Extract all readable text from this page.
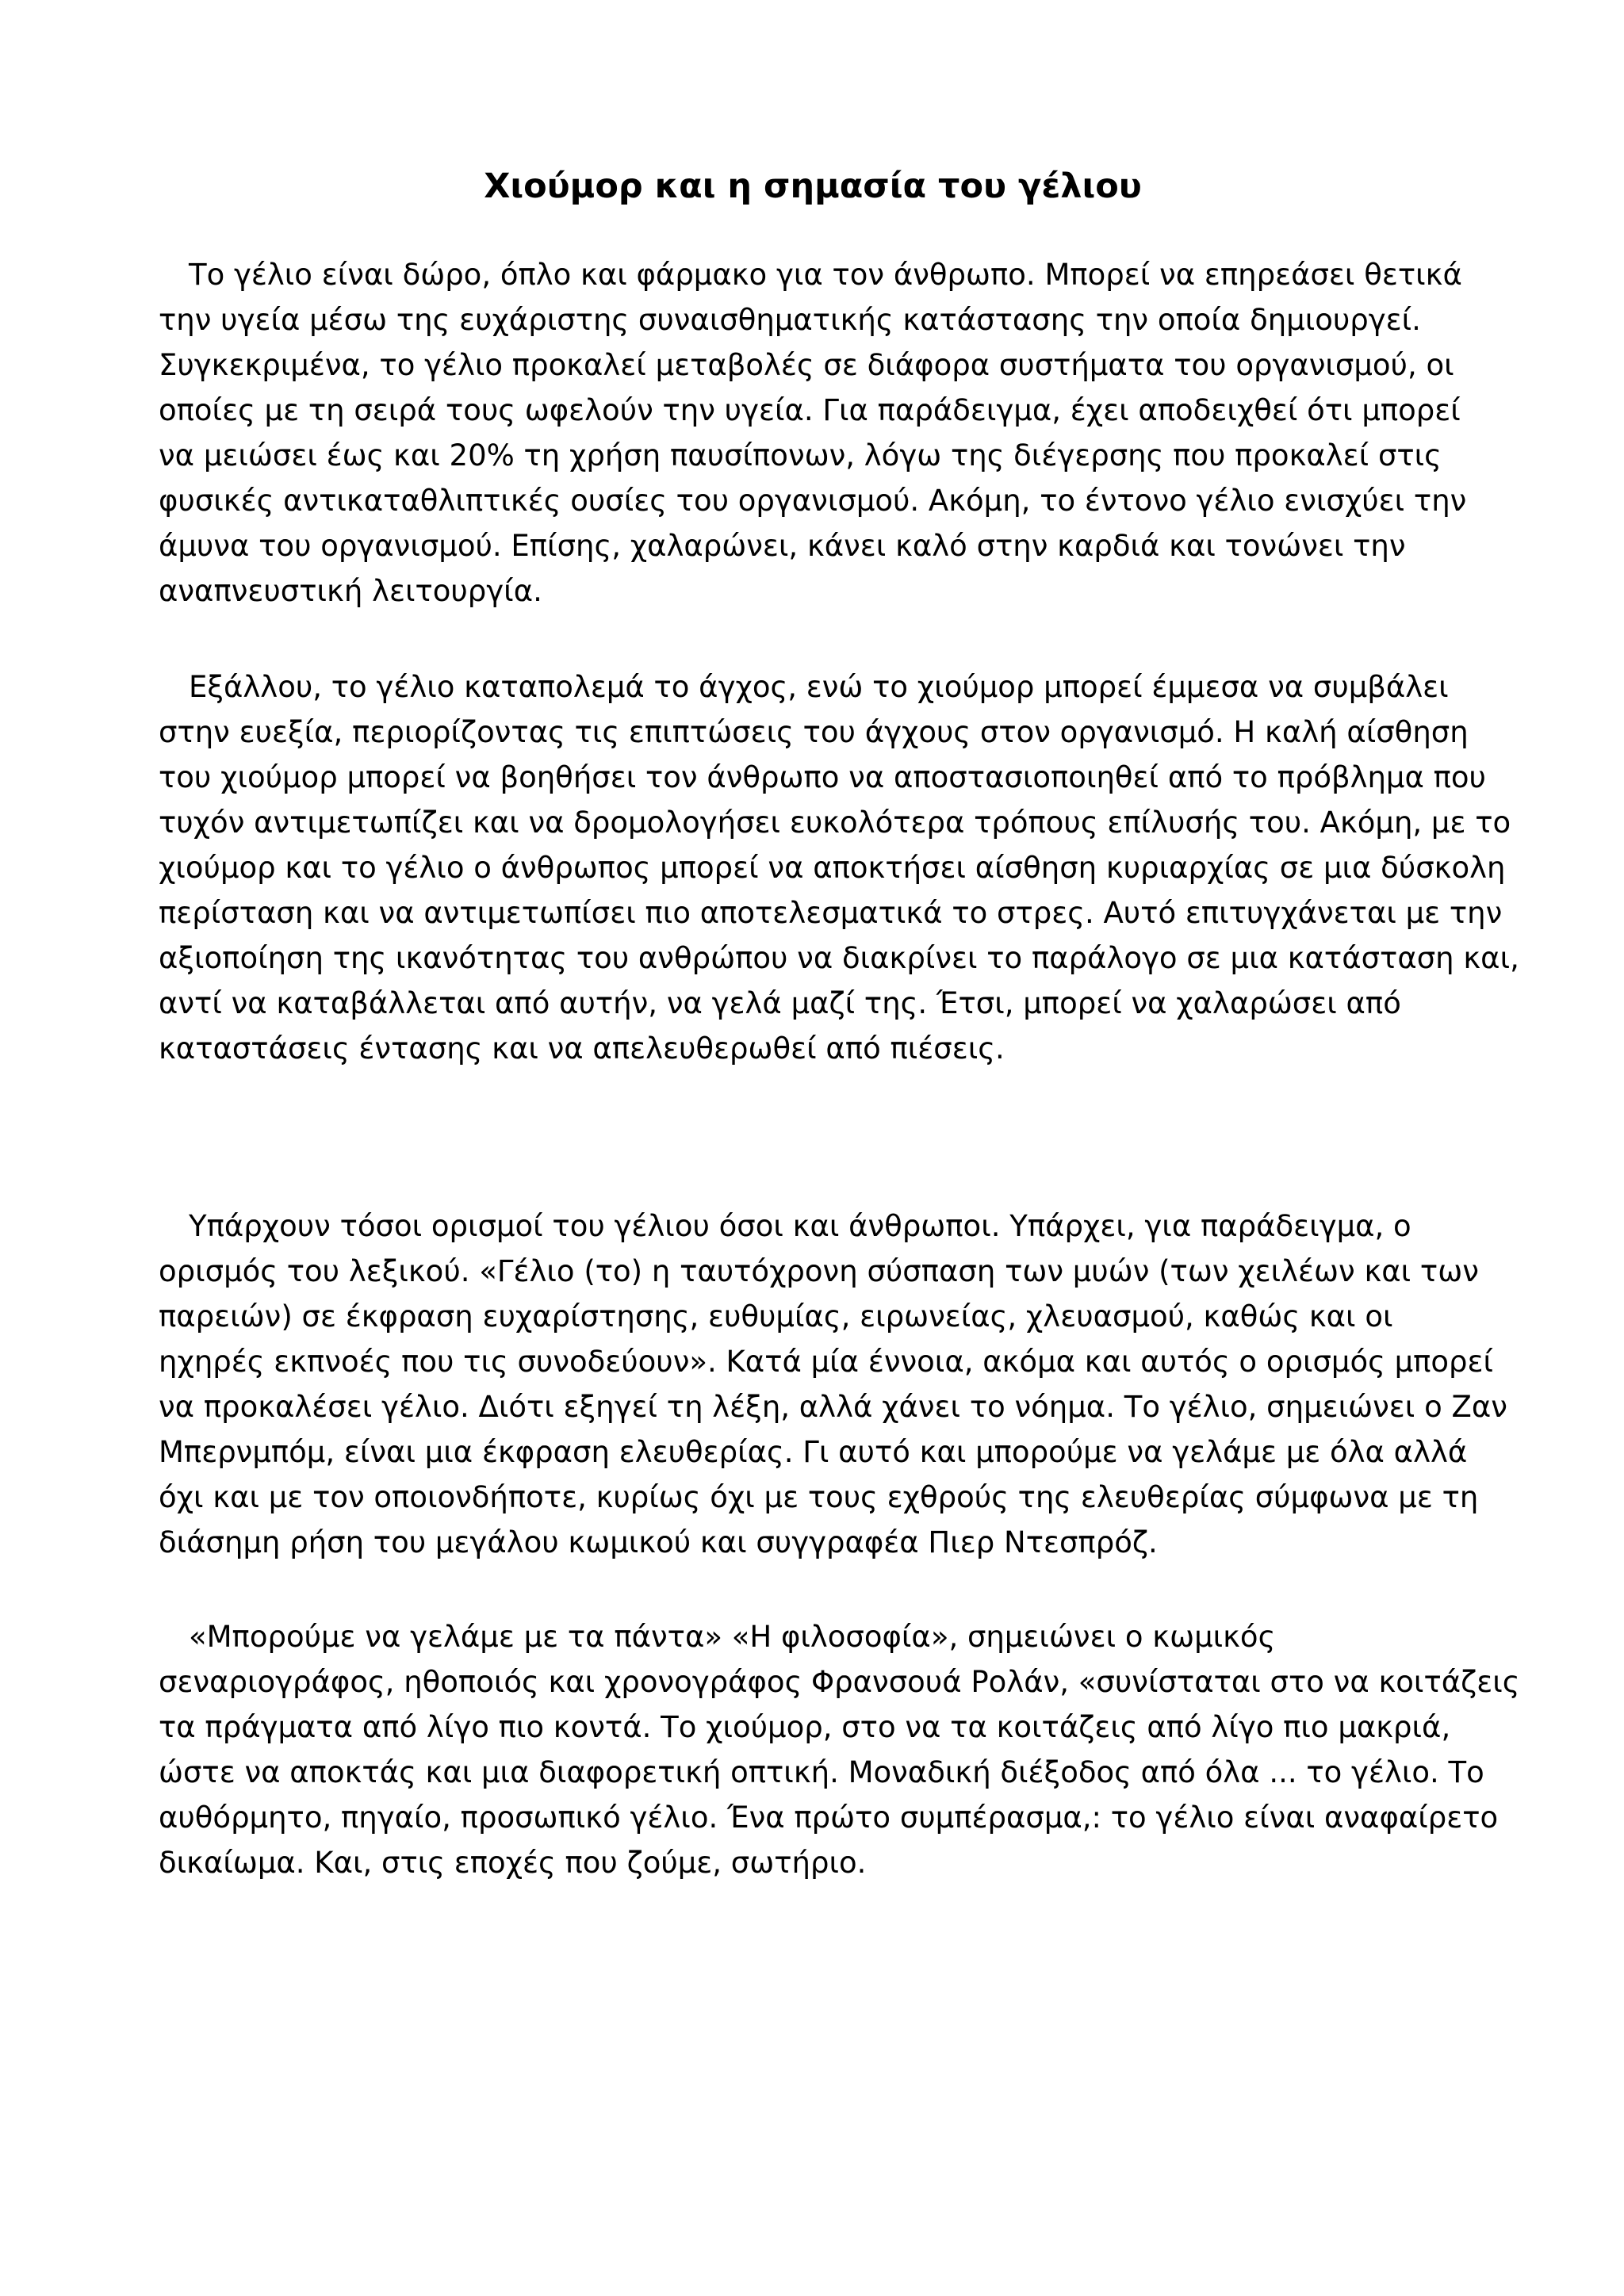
Χιούμορ και η σημασία του γέλιου
Το γέλιο είναι δώρο, όπλο και φάρμακο για τον άνθρωπο. Μπορεί να επηρεάσει θετικά
την υγεία μέσω της ευχάριστης συναισθηματικής κατάστασης την οποία δημιουργεί.
Συγκεκριμένα, το γέλιο προκαλεί μεταβολές σε διάφορα συστήματα του οργανισμού, οι
οποίες με τη σειρά τους ωφελούν την υγεία. Για παράδειγμα, έχει αποδειχθεί ότι μπορεί
να μειώσει έως και 20% τη χρήση παυσίπονων, λόγω της διέγερσης που προκαλεί στις
φυσικές αντικαταθλιπτικές ουσίες του οργανισμού. Ακόμη, το έντονο γέλιο ενισχύει την
άμυνα του οργανισμού. Επίσης, χαλαρώνει, κάνει καλό στην καρδιά και τονώνει την
αναπνευστική λειτουργία.
Εξάλλου, το γέλιο καταπολεμά το άγχος, ενώ το χιούμορ μπορεί έμμεσα να συμβάλει
στην ευεξία, περιορίζοντας τις επιπτώσεις του άγχους στον οργανισμό. Η καλή αίσθηση
του χιούμορ μπορεί να βοηθήσει τον άνθρωπο να αποστασιοποιηθεί από το πρόβλημα που
τυχόν αντιμετωπίζει και να δρομολογήσει ευκολότερα τρόπους επίλυσής του. Ακόμη, με το
χιούμορ και το γέλιο ο άνθρωπος μπορεί να αποκτήσει αίσθηση κυριαρχίας σε μια δύσκολη
περίσταση και να αντιμετωπίσει πιο αποτελεσματικά το στρες. Αυτό επιτυγχάνεται με την
αξιοποίηση της ικανότητας του ανθρώπου να διακρίνει το παράλογο σε μια κατάσταση και,
αντί να καταβάλλεται από αυτήν, να γελά μαζί της. Έτσι, μπορεί να χαλαρώσει από
καταστάσεις έντασης και να απελευθερωθεί από πιέσεις.
Υπάρχουν τόσοι ορισμοί του γέλιου όσοι και άνθρωποι. Υπάρχει, για παράδειγμα, ο
ορισμός του λεξικού. «Γέλιο (το) η ταυτόχρονη σύσπαση των μυών (των χειλέων και των
παρειών) σε έκφραση ευχαρίστησης, ευθυμίας, ειρωνείας, χλευασμού, καθώς και οι
ηχηρές εκπνοές που τις συνοδεύουν». Κατά μία έννοια, ακόμα και αυτός ο ορισμός μπορεί
να προκαλέσει γέλιο. Διότι εξηγεί τη λέξη, αλλά χάνει το νόημα. Το γέλιο, σημειώνει ο Ζαν
Μπερνμπόμ, είναι μια έκφραση ελευθερίας. Γι αυτό και μπορούμε να γελάμε με όλα αλλά
όχι και με τον οποιονδήποτε, κυρίως όχι με τους εχθρούς της ελευθερίας σύμφωνα με τη
διάσημη ρήση του μεγάλου κωμικού και συγγραφέα Πιερ Ντεσπρόζ.
«Μπορούμε να γελάμε με τα πάντα» «Η φιλοσοφία», σημειώνει ο κωμικός
σεναριογράφος, ηθοποιός και χρονογράφος Φρανσουά Ρολάν, «συνίσταται στο να κοιτάζεις
τα πράγματα από λίγο πιο κοντά. Το χιούμορ, στο να τα κοιτάζεις από λίγο πιο μακριά,
ώστε να αποκτάς και μια διαφορετική οπτική. Μοναδική διέξοδος από όλα ... το γέλιο. Το
αυθόρμητο, πηγαίο, προσωπικό γέλιο. Ένα πρώτο συμπέρασμα,: το γέλιο είναι αναφαίρετο
δικαίωμα. Και, στις εποχές που ζούμε, σωτήριο.
